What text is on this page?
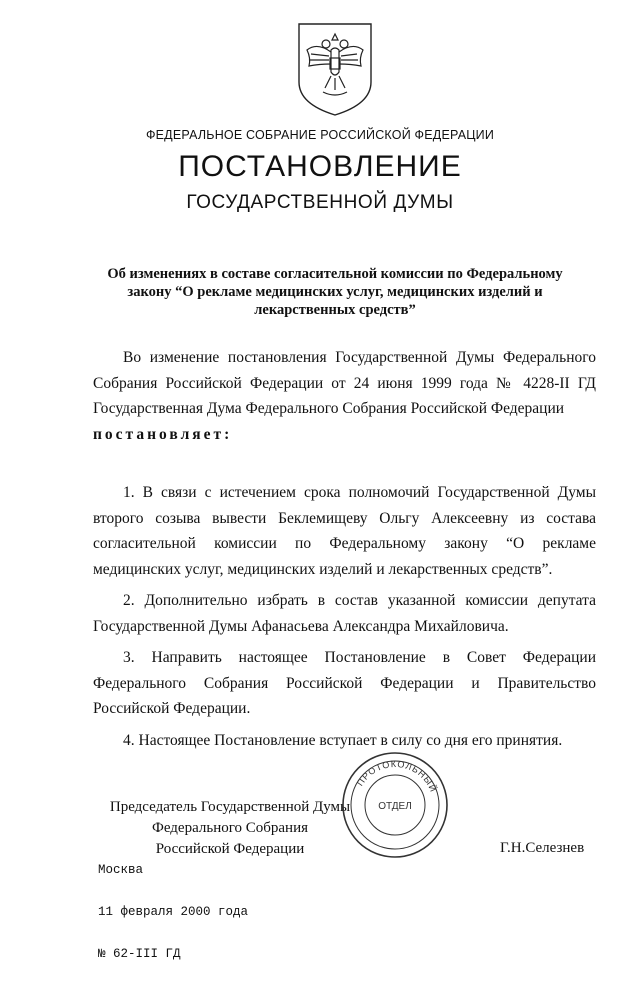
ФЕДЕРАЛЬНОЕ СОБРАНИЕ РОССИЙСКОЙ ФЕДЕРАЦИИ
ПОСТАНОВЛЕНИЕ
ГОСУДАРСТВЕННОЙ ДУМЫ
Об изменениях в составе согласительной комиссии по Федеральному закону “О рекламе медицинских услуг, медицинских изделий и лекарственных средств”
Во изменение постановления Государственной Думы Федерального Собрания Российской Федерации от 24 июня 1999 года № 4228-II ГД Государственная Дума Федерального Собрания Российской Федерации
постановляет:

1. В связи с истечением срока полномочий Государственной Думы второго созыва вывести Беклемищеву Ольгу Алексеевну из состава согласительной комиссии по Федеральному закону “О рекламе медицинских услуг, медицинских изделий и лекарственных средств”.

2. Дополнительно избрать в состав указанной комиссии депутата Государственной Думы Афанасьева Александра Михайловича.

3. Направить настоящее Постановление в Совет Федерации Федерального Собрания Российской Федерации и Правительство Российской Федерации.

4. Настоящее Постановление вступает в силу со дня его принятия.

Председатель Государственной Думы
Федерального Собрания
Российской Федерации	Г.Н.Селезнев

Москва

11 февраля 2000 года

№ 62-III ГД

ПРОТОКОЛЬНЫЙ
ОТДЕЛ
